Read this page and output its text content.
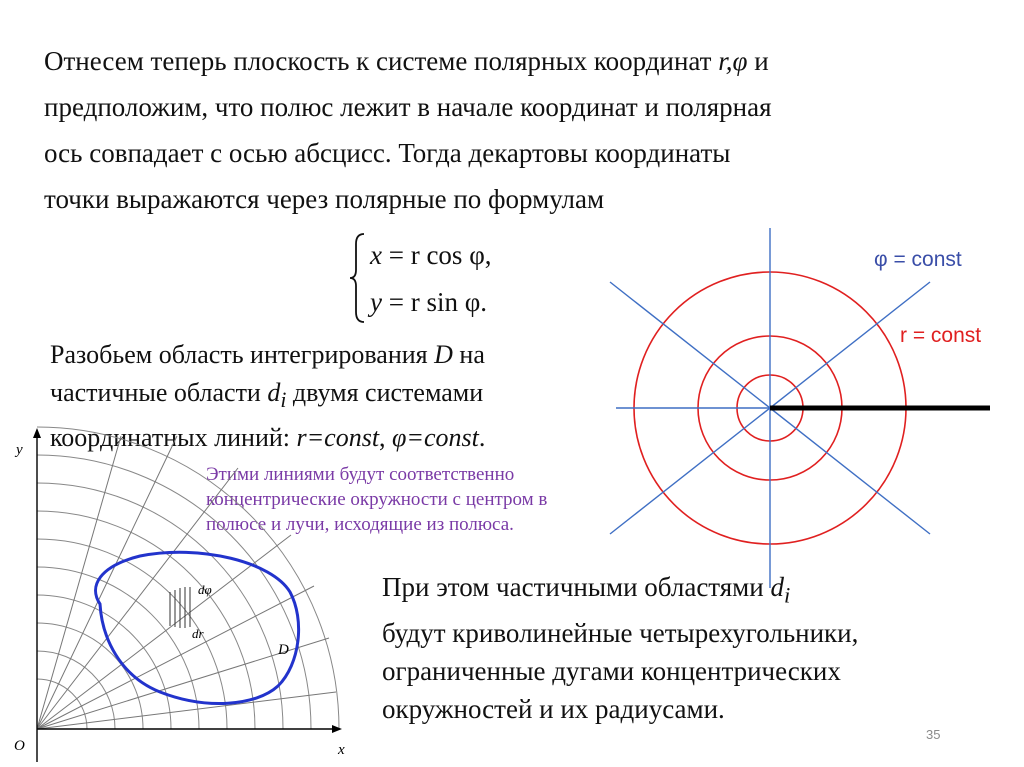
Отнесем теперь плоскость к системе полярных координат r,φ и
предположим, что полюс лежит в начале координат и полярная
ось совпадает с осью абсцисс. Тогда декартовы координаты
точки выражаются через полярные по формулам

x = r cos φ,
y = r sin φ.

Разобьем область интегрирования D на
частичные области $d_i$ двумя системами
координатных линий: r=const, φ=const.

φ = const
r = const
Этими линиями будут соответственно
концентрические окружности с центром в
полюсе и лучи, исходящие из полюса.
y
x
O
dφ
dr
D

При этом частичными областями $d_i$
будут криволинейные четырехугольники,
ограниченные дугами концентрических
окружностей и их радиусами.

35
